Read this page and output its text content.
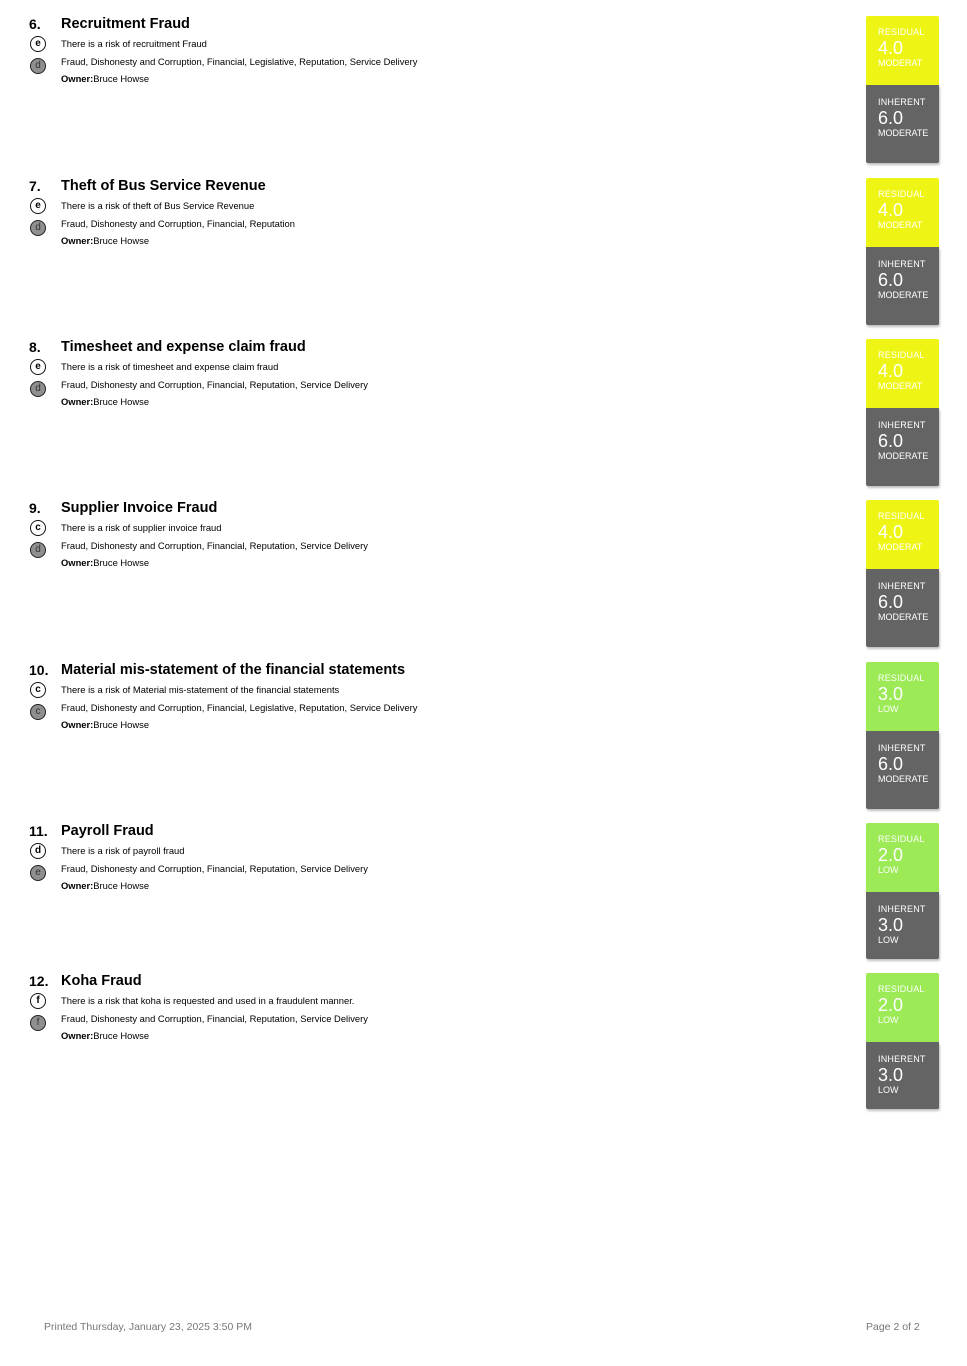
6. Recruitment Fraud
e
d
There is a risk of recruitment Fraud
Fraud, Dishonesty and Corruption, Financial, Legislative, Reputation, Service Delivery
Owner:Bruce Howse
RESIDUAL
4.0
MODERAT
INHERENT
6.0
MODERATE
7. Theft of Bus Service Revenue
e
d
There is a risk of theft of Bus Service Revenue
Fraud, Dishonesty and Corruption, Financial, Reputation
Owner:Bruce Howse
RESIDUAL
4.0
MODERAT
INHERENT
6.0
MODERATE
8. Timesheet and expense claim fraud
e
d
There is a risk of timesheet and expense claim fraud
Fraud, Dishonesty and Corruption, Financial, Reputation, Service Delivery
Owner:Bruce Howse
RESIDUAL
4.0
MODERAT
INHERENT
6.0
MODERATE
9. Supplier Invoice Fraud
c
d
There is a risk of supplier invoice fraud
Fraud, Dishonesty and Corruption, Financial, Reputation, Service Delivery
Owner:Bruce Howse
RESIDUAL
4.0
MODERAT
INHERENT
6.0
MODERATE
10. Material mis-statement of the financial statements
c
c
There is a risk of Material mis-statement of the financial statements
Fraud, Dishonesty and Corruption, Financial, Legislative, Reputation, Service Delivery
Owner:Bruce Howse
RESIDUAL
3.0
LOW
INHERENT
6.0
MODERATE
11. Payroll Fraud
d
e
There is a risk of payroll fraud
Fraud, Dishonesty and Corruption, Financial, Reputation, Service Delivery
Owner:Bruce Howse
RESIDUAL
2.0
LOW
INHERENT
3.0
LOW
12. Koha Fraud
f
f
There is a risk that koha is requested and used in a fraudulent manner.
Fraud, Dishonesty and Corruption, Financial, Reputation, Service Delivery
Owner:Bruce Howse
RESIDUAL
2.0
LOW
INHERENT
3.0
LOW
Printed Thursday, January 23, 2025 3:50 PM	Page 2 of 2
